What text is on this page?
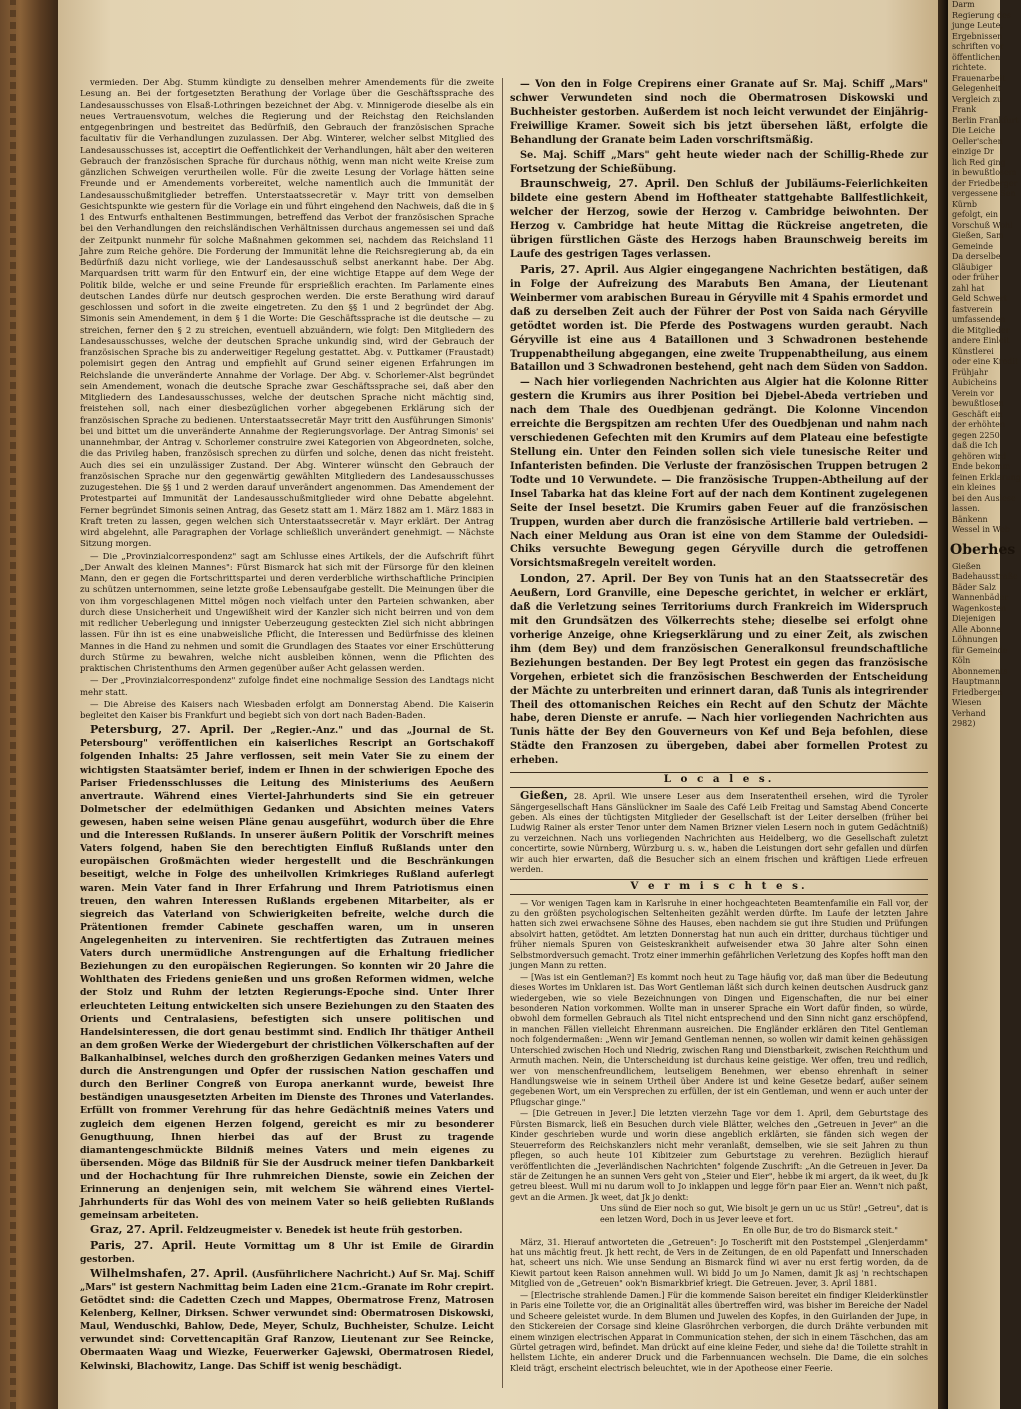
vermieden. Der Abg. Stumm kündigte zu denselben mehrer Amendements für die zweite Lesung an. Bei der fortgesetzten Berathung der Vorlage über die Geschäftssprache des Landesausschusses von Elsaß-Lothringen bezeichnet der Abg. v. Minnigerode dieselbe als ein neues Vertrauensvotum, welches die Regierung und der Reichstag den Reichslanden entgegenbringen und bestreitet das Bedürfniß, den Gebrauch der französischen Sprache facultativ für die Verhandlungen zuzulassen. Der Abg. Winterer, welcher selbst Mitglied des Landesausschusses ist, acceptirt die Oeffentlichkeit der Verhandlungen, hält aber den weiteren Gebrauch der französischen Sprache für durchaus nöthig, wenn man nicht weite Kreise zum gänzlichen Schweigen verurtheilen wolle. Für die zweite Lesung der Vorlage hätten seine Freunde und er Amendements vorbereitet, welche namentlich auch die Immunität der Landesausschußmitglieder betreffen. Unterstaatssecretär v. Mayr tritt von demselben Gesichtspunkte wie gestern für die Vorlage ein und führt eingehend den Nachweis, daß die in § 1 des Entwurfs enthaltenen Bestimmungen, betreffend das Verbot der französischen Sprache bei den Verhandlungen den reichsländischen Verhältnissen durchaus angemessen sei und daß der Zeitpunkt nunmehr für solche Maßnahmen gekommen sei, nachdem das Reichsland 11 Jahre zum Reiche gehöre. Die Forderung der Immunität lehne die Reichsregierung ab, da ein Bedürfniß dazu nicht vorliege, wie der Landesausschuß selbst anerkannt habe. Der Abg. Marquardsen tritt warm für den Entwurf ein, der eine wichtige Etappe auf dem Wege der Politik bilde, welche er und seine Freunde für ersprießlich erachten. Im Parlamente eines deutschen Landes dürfe nur deutsch gesprochen werden. Die erste Berathung wird darauf geschlossen und sofort in die zweite eingetreten. Zu den §§ 1 und 2 begründet der Abg. Simonis sein Amendement, in dem § 1 die Worte: Die Geschäftssprache ist die deutsche — zu streichen, ferner den § 2 zu streichen, eventuell abzuändern, wie folgt: Den Mitgliedern des Landesausschusses, welche der deutschen Sprache unkundig sind, wird der Gebrauch der französischen Sprache bis zu anderweitiger Regelung gestattet. Abg. v. Puttkamer (Fraustadt) polemisirt gegen den Antrag und empfiehlt auf Grund seiner eigenen Erfahrungen im Reichslande die unveränderte Annahme der Vorlage. Der Abg. v. Schorlemer-Alst begründet sein Amendement, wonach die deutsche Sprache zwar Geschäftssprache sei, daß aber den Mitgliedern des Landesausschusses, welche der deutschen Sprache nicht mächtig sind, freistehen soll, nach einer diesbezüglichen vorher abgegebenen Erklärung sich der französischen Sprache zu bedienen. Unterstaatssecretär Mayr tritt den Ausführungen Simonis' bei und bittet um die unveränderte Annahme der Regierungsvorlage. Der Antrag Simonis' sei unannehmbar, der Antrag v. Schorlemer construire zwei Kategorien von Abgeordneten, solche, die das Privileg haben, französisch sprechen zu dürfen und solche, denen das nicht freisteht. Auch dies sei ein unzulässiger Zustand. Der Abg. Winterer wünscht den Gebrauch der französischen Sprache nur den gegenwärtig gewählten Mitgliedern des Landesausschusses zuzugestehen. Die §§ 1 und 2 werden darauf unverändert angenommen. Das Amendement der Protestpartei auf Immunität der Landesausschußmitglieder wird ohne Debatte abgelehnt. Ferner begründet Simonis seinen Antrag, das Gesetz statt am 1. März 1882 am 1. März 1883 in Kraft treten zu lassen, gegen welchen sich Unterstaatssecretär v. Mayr erklärt. Der Antrag wird abgelehnt, alle Paragraphen der Vorlage schließlich unverändert genehmigt. — Nächste Sitzung morgen.

— Die „Provinzialcorrespondenz" sagt am Schlusse eines Artikels, der die Aufschrift führt „Der Anwalt des kleinen Mannes": Fürst Bismarck hat sich mit der Fürsorge für den kleinen Mann, den er gegen die Fortschrittspartei und deren verderbliche wirthschaftliche Principien zu schützen unternommen, seine letzte große Lebensaufgabe gestellt. Die Meinungen über die von ihm vorgeschlagenen Mittel mögen noch vielfach unter den Parteien schwanken, aber durch diese Unsicherheit und Ungewißheit wird der Kanzler sich nicht beirren und von dem mit redlicher Ueberlegung und innigster Ueberzeugung gesteckten Ziel sich nicht abbringen lassen. Für ihn ist es eine unabweisliche Pflicht, die Interessen und Bedürfnisse des kleinen Mannes in die Hand zu nehmen und somit die Grundlagen des Staates vor einer Erschütterung durch Stürme zu bewahren, welche nicht ausbleiben können, wenn die Pflichten des praktischen Christenthums den Armen gegenüber außer Acht gelassen werden.

— Der „Provinzialcorrespondenz" zufolge findet eine nochmalige Session des Landtags nicht mehr statt.

— Die Abreise des Kaisers nach Wiesbaden erfolgt am Donnerstag Abend. Die Kaiserin begleitet den Kaiser bis Frankfurt und begiebt sich von dort nach Baden-Baden.

Petersburg, 27. April. Der „Regier.-Anz." und das „Journal de St. Petersbourg" veröffentlichen ein kaiserliches Rescript an Gortschakoff folgenden Inhalts: 25 Jahre verflossen, seit mein Vater Sie zu einem der wichtigsten Staatsämter berief, indem er Ihnen in der schwierigen Epoche des Pariser Friedensschlusses die Leitung des Ministeriums des Aeußern anvertraute. Während eines Viertel-Jahrhunderts sind Sie ein getreuer Dolmetscher der edelmüthigen Gedanken und Absichten meines Vaters gewesen, haben seine weisen Pläne genau ausgeführt, wodurch über die Ehre und die Interessen Rußlands. In unserer äußern Politik der Vorschrift meines Vaters folgend, haben Sie den berechtigten Einfluß Rußlands unter den europäischen Großmächten wieder hergestellt und die Beschränkungen beseitigt, welche in Folge des unheilvollen Krimkrieges Rußland auferlegt waren. Mein Vater fand in Ihrer Erfahrung und Ihrem Patriotismus einen treuen, den wahren Interessen Rußlands ergebenen Mitarbeiter, als er siegreich das Vaterland von Schwierigkeiten befreite, welche durch die Prätentionen fremder Cabinete geschaffen waren, um in unseren Angelegenheiten zu interveniren. Sie rechtfertigten das Zutrauen meines Vaters durch unermüdliche Anstrengungen auf die Erhaltung friedlicher Beziehungen zu den europäischen Regierungen. So konnten wir 20 Jahre die Wohlthaten des Friedens genießen und uns großen Reformen widmen, welche der Stolz und Ruhm der letzten Regierungs-Epoche sind. Unter Ihrer erleuchteten Leitung entwickelten sich unsere Beziehungen zu den Staaten des Orients und Centralasiens, befestigten sich unsere politischen und Handelsinteressen, die dort genau bestimmt sind. Endlich Ihr thätiger Antheil an dem großen Werke der Wiedergeburt der christlichen Völkerschaften auf der Balkanhalbinsel, welches durch den großherzigen Gedanken meines Vaters und durch die Anstrengungen und Opfer der russischen Nation geschaffen und durch den Berliner Congreß von Europa anerkannt wurde, beweist Ihre beständigen unausgesetzten Arbeiten im Dienste des Thrones und Vaterlandes. Erfüllt von frommer Verehrung für das hehre Gedächtniß meines Vaters und zugleich dem eigenen Herzen folgend, gereicht es mir zu besonderer Genugthuung, Ihnen hierbei das auf der Brust zu tragende diamantengeschmückte Bildniß meines Vaters und mein eigenes zu übersenden. Möge das Bildniß für Sie der Ausdruck meiner tiefen Dankbarkeit und der Hochachtung für Ihre ruhmreichen Dienste, sowie ein Zeichen der Erinnerung an denjenigen sein, mit welchem Sie während eines Viertel-Jahrhunderts für das Wohl des von meinem Vater so heiß geliebten Rußlands gemeinsam arbeiteten.

Graz, 27. April. Feldzeugmeister v. Benedek ist heute früh gestorben.

Paris, 27. April. Heute Vormittag um 8 Uhr ist Emile de Girardin gestorben.

Wilhelmshafen, 27. April. (Ausführlichere Nachricht.) Auf Sr. Maj. Schiff „Mars" ist gestern Nachmittag beim Laden eine 21cm.-Granate im Rohr crepirt. Getödtet sind: die Cadetten Czech und Mappes, Obermatrose Frenz, Matrosen Kelenberg, Kellner, Dirksen. Schwer verwundet sind: Obermatrosen Diskowski, Maul, Wenduschki, Bahlow, Dede, Meyer, Schulz, Buchheister, Schulze. Leicht verwundet sind: Corvettencapitän Graf Ranzow, Lieutenant zur See Reincke, Obermaaten Waag und Wiezke, Feuerwerker Gajewski, Obermatrosen Riedel, Kelwinski, Blachowitz, Lange. Das Schiff ist wenig beschädigt.

— Von den in Folge Crepirens einer Granate auf Sr. Maj. Schiff „Mars" schwer Verwundeten sind noch die Obermatrosen Diskowski und Buchheister gestorben. Außerdem ist noch leicht verwundet der Einjährig-Freiwillige Kramer. Soweit sich bis jetzt übersehen läßt, erfolgte die Behandlung der Granate beim Laden vorschriftsmäßig.

Se. Maj. Schiff „Mars" geht heute wieder nach der Schillig-Rhede zur Fortsetzung der Schießübung.

Braunschweig, 27. April. Den Schluß der Jubiläums-Feierlichkeiten bildete eine gestern Abend im Hoftheater stattgehabte Ballfestlichkeit, welcher der Herzog, sowie der Herzog v. Cambridge beiwohnten. Der Herzog v. Cambridge hat heute Mittag die Rückreise angetreten, die übrigen fürstlichen Gäste des Herzogs haben Braunschweig bereits im Laufe des gestrigen Tages verlassen.

Paris, 27. April. Aus Algier eingegangene Nachrichten bestätigen, daß in Folge der Aufreizung des Marabuts Ben Amana, der Lieutenant Weinbermer vom arabischen Bureau in Géryville mit 4 Spahis ermordet und daß zu derselben Zeit auch der Führer der Post von Saida nach Géryville getödtet worden ist. Die Pferde des Postwagens wurden geraubt. Nach Géryville ist eine aus 4 Bataillonen und 3 Schwadronen bestehende Truppenabtheilung abgegangen, eine zweite Truppenabtheilung, aus einem Bataillon und 3 Schwadronen bestehend, geht nach dem Süden von Saddon.

— Nach hier vorliegenden Nachrichten aus Algier hat die Kolonne Ritter gestern die Krumirs aus ihrer Position bei Djebel-Abeda vertrieben und nach dem Thale des Ouedbjenan gedrängt. Die Kolonne Vincendon erreichte die Bergspitzen am rechten Ufer des Ouedbjenan und nahm nach verschiedenen Gefechten mit den Krumirs auf dem Plateau eine befestigte Stellung ein. Unter den Feinden sollen sich viele tunesische Reiter und Infanteristen befinden. Die Verluste der französischen Truppen betrugen 2 Todte und 10 Verwundete. — Die französische Truppen-Abtheilung auf der Insel Tabarka hat das kleine Fort auf der nach dem Kontinent zugelegenen Seite der Insel besetzt. Die Krumirs gaben Feuer auf die französischen Truppen, wurden aber durch die französische Artillerie bald vertrieben. — Nach einer Meldung aus Oran ist eine von dem Stamme der Ouledsidi-Chiks versuchte Bewegung gegen Géryville durch die getroffenen Vorsichtsmaßregeln vereitelt worden.

London, 27. April. Der Bey von Tunis hat an den Staatssecretär des Aeußern, Lord Granville, eine Depesche gerichtet, in welcher er erklärt, daß die Verletzung seines Territoriums durch Frankreich im Widerspruch mit den Grundsätzen des Völkerrechts stehe; dieselbe sei erfolgt ohne vorherige Anzeige, ohne Kriegserklärung und zu einer Zeit, als zwischen ihm (dem Bey) und dem französischen Generalkonsul freundschaftliche Beziehungen bestanden. Der Bey legt Protest ein gegen das französische Vorgehen, erbietet sich die französischen Beschwerden der Entscheidung der Mächte zu unterbreiten und erinnert daran, daß Tunis als integrirender Theil des ottomanischen Reiches ein Recht auf den Schutz der Mächte habe, deren Dienste er anrufe. — Nach hier vorliegenden Nachrichten aus Tunis hätte der Bey den Gouverneurs von Kef und Beja befohlen, diese Städte den Franzosen zu übergeben, dabei aber formellen Protest zu erheben.

L o c a l e s.

Gießen, 28. April. Wie unsere Leser aus dem Inseratentheil ersehen, wird die Tyroler Sängergesellschaft Hans Gänslückner im Saale des Café Leib Freitag und Samstag Abend Concerte geben. Als eines der tüchtigsten Mitglieder der Gesellschaft ist der Leiter derselben (früher bei Ludwig Rainer als erster Tenor unter dem Namen Brizner vielen Lesern noch in gutem Gedächtniß) zu verzeichnen. Nach uns vorliegenden Nachrichten aus Heidelberg, wo die Gesellschaft zuletzt concertirte, sowie Nürnberg, Würzburg u. s. w., haben die Leistungen dort sehr gefallen und dürfen wir auch hier erwarten, daß die Besucher sich an einem frischen und kräftigen Liede erfreuen werden.

V e r m i s c h t e s.

— Vor wenigen Tagen kam in Karlsruhe in einer hochgeachteten Beamtenfamilie ein Fall vor, der zu den größten psychologischen Seltenheiten gezählt werden dürfte. Im Laufe der letzten Jahre hatten sich zwei erwachsene Söhne des Hauses, eben nachdem sie gut ihre Studien und Prüfungen absolvirt hatten, getödtet. Am letzten Donnerstag hat nun auch ein dritter, durchaus tüchtiger und früher niemals Spuren von Geisteskrankheit aufweisender etwa 30 Jahre alter Sohn einen Selbstmordversuch gemacht. Trotz einer immerhin gefährlichen Verletzung des Kopfes hofft man den jungen Mann zu retten.

— [Was ist ein Gentleman?] Es kommt noch heut zu Tage häufig vor, daß man über die Bedeutung dieses Wortes im Unklaren ist. Das Wort Gentleman läßt sich durch keinen deutschen Ausdruck ganz wiedergeben, wie so viele Bezeichnungen von Dingen und Eigenschaften, die nur bei einer besonderen Nation vorkommen. Wollte man in unserer Sprache ein Wort dafür finden, so würde, obwohl dem formellen Gebrauch als Titel nicht entsprechend und den Sinn nicht ganz erschöpfend, in manchen Fällen vielleicht Ehrenmann ausreichen. Die Engländer erklären den Titel Gentleman noch folgendermaßen: „Wenn wir Jemand Gentleman nennen, so wollen wir damit keinen gehässigen Unterschied zwischen Hoch und Niedrig, zwischen Rang und Dienstbarkeit, zwischen Reichthum und Armuth machen. Nein, die Unterscheidung ist durchaus keine geistige. Wer offen, treu und redlich, wer von menschenfreundlichem, leutseligem Benehmen, wer ebenso ehrenhaft in seiner Handlungsweise wie in seinem Urtheil über Andere ist und keine Gesetze bedarf, außer seinem gegebenen Wort, um ein Versprechen zu erfüllen, der ist ein Gentleman, und wenn er auch unter der Pflugschar ginge."

— [Die Getreuen in Jever.] Die letzten vierzehn Tage vor dem 1. April, dem Geburtstage des Fürsten Bismarck, ließ ein Besuchen durch viele Blätter, welches den „Getreuen in Jever" an die Kinder geschrieben wurde und worin diese angeblich erklärten, sie fänden sich wegen der Steuerreform des Reichskanzlers nicht mehr veranlaßt, demselben, wie sie seit Jahren zu thun pflegen, so auch heute 101 Kibitzeier zum Geburtstage zu verehren. Bezüglich hierauf veröffentlichten die „Jeverländischen Nachrichten" folgende Zuschrift: „An die Getreuen in Jever. Da stär de Zeitungen he an sunnen Vers geht von „Steier und Eier", hebbe ik mi argert, da ik weet, du Jk getreu bleest. Wull mi nu darum woll to Jo inklappen und legge för'n paar Eier an. Wenn't nich paßt, gevt an die Armen. Jk weet, dat Jk jo denkt:

Uns sünd de Eier noch so gut, Wie bisolt je gern un uc us Stür! „Getreu", dat is een letzen Word, Doch in us Jever leeve et fort.

En olle Bur, de tro do Bismarck steit."

März, 31. Hierauf antworteten die „Getreuen": Jo Toscherift mit den Poststempel „Glenjerdamm" hat uns mächtig freut. Jk hett recht, de Vers in de Zeitungen, de en old Papenfatt und Innerschaden hat, scheert uns nich. Wie unse Sendung an Bismarck fünd wi aver nu erst fertig worden, da de Kiewit partout keen Raison annehmen wull. Wi bidd Jo um Jo Namen, damit Jk asj 'n rechtschapen Mitglied von de „Getreuen" ook'n Bismarkbrief kriegt. Die Getreuen. Jever, 3. April 1881.

— [Electrische strahlende Damen.] Für die kommende Saison bereitet ein findiger Kleiderkünstler in Paris eine Toilette vor, die an Originalität alles übertreffen wird, was bisher im Bereiche der Nadel und Scheere geleistet wurde. In dem Blumen und Juwelen des Kopfes, in den Guirlanden der Jupe, in den Stickereien der Corsage sind kleine Glasröhrchen verborgen, die durch Drähte verbunden mit einem winzigen electrischen Apparat in Communication stehen, der sich in einem Täschchen, das am Gürtel getragen wird, befindet. Man drückt auf eine kleine Feder, und siehe da! die Toilette strahlt in hellstem Lichte, ein anderer Druck und die Farbennuancen wechseln. Die Dame, die ein solches Kleid trägt, erscheint electrisch beleuchtet, wie in der Apotheose einer Feerie.

Darm
Regierung des
junge Leute,
Ergebnissen
schriften vor
öffentlichen
richtete.
Frauenarbeit
Gelegenheit
Vergleich zu
Frank
Berlin Frankfurt
Die Leiche
Oeller'schen
einzige Dr
lich Red ging
in bewußtlosem
der Friedberger
vergessene Sen
Kürnb
gefolgt, ein
Vorschuß Wohl
Gießen, Sam
Gemeinde
Da derselbe
Gläubiger
oder früher
zahl hat
Geld Schwert
fastverein
umfassenden
die Mitglieder
andere Einleit
Künstlerei
oder eine Kredit
Frühjahr
Aubicheins
Verein vor
bewußtlosen
Geschäft ein
der erhöhten
gegen 2250
daß die Ich
gehören wird
Ende bekomm
feinen Erklarung
ein kleines
bei den Auslese
lassen.
Bänkenn
Wessel in Web
Oberhes
Gießen
Badehausstraße
Bäder Salz
Wannenbäder
Wagenkosten
Diejenigen
Alle Abonne
Löhnungen
für Gemeinde
Köln
Abonnements
Hauptmann
Friedbergen
Wiesen
Verhand
2982)
